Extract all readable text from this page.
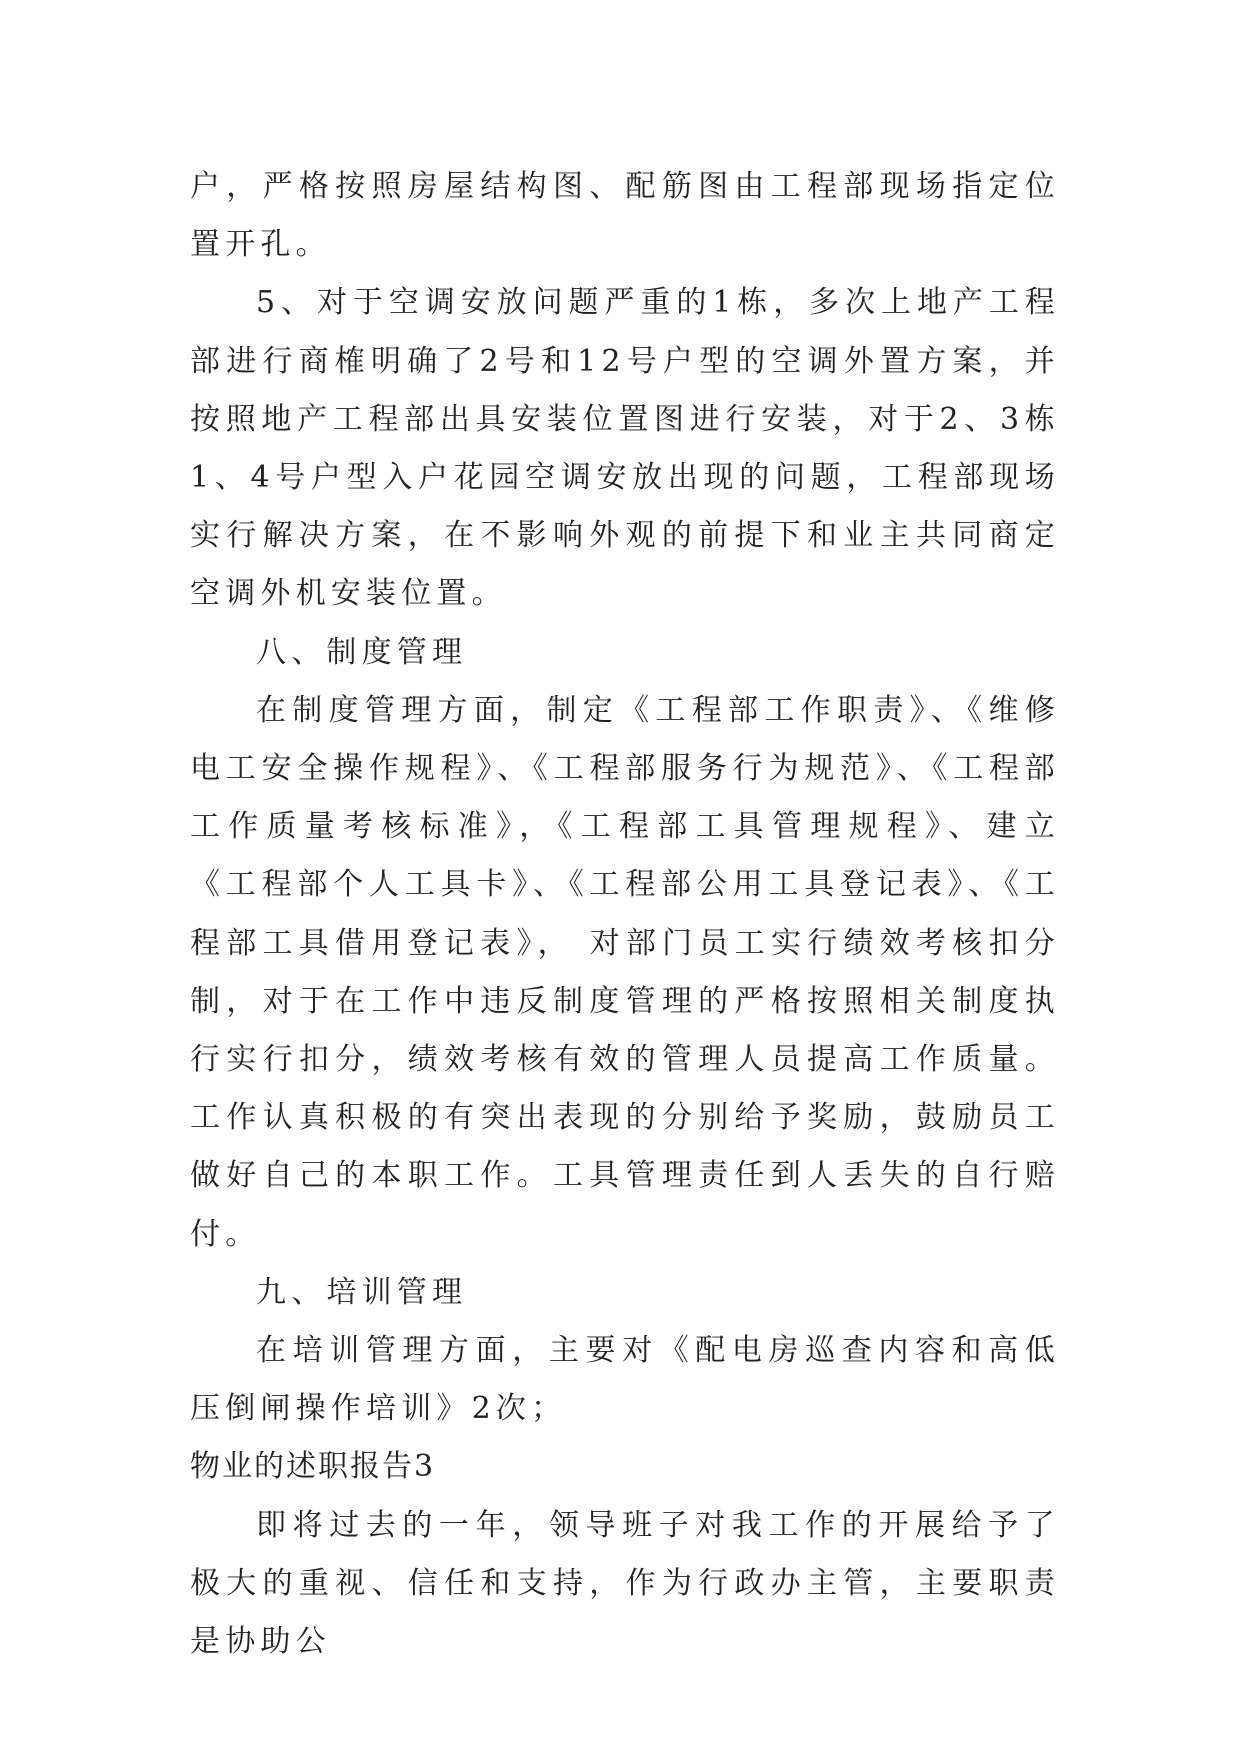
户，严格按照房屋结构图、配筋图由工程部现场指定位置开孔。

5、对于空调安放问题严重的1栋，多次上地产工程部进行商榷明确了2号和12号户型的空调外置方案，并按照地产工程部出具安装位置图进行安装，对于2、3栋1、4号户型入户花园空调安放出现的问题，工程部现场实行解决方案，在不影响外观的前提下和业主共同商定空调外机安装位置。

八、制度管理

在制度管理方面，制定《工程部工作职责》、《维修电工安全操作规程》、《工程部服务行为规范》、《工程部工作质量考核标准》，《工程部工具管理规程》、建立《工程部个人工具卡》、《工程部公用工具登记表》、《工程部工具借用登记表》， 对部门员工实行绩效考核扣分制，对于在工作中违反制度管理的严格按照相关制度执行实行扣分，绩效考核有效的管理人员提高工作质量。工作认真积极的有突出表现的分别给予奖励，鼓励员工做好自己的本职工作。工具管理责任到人丢失的自行赔付。

九、培训管理

在培训管理方面，主要对《配电房巡查内容和高低压倒闸操作培训》2次；

物业的述职报告3

即将过去的一年，领导班子对我工作的开展给予了极大的重视、信任和支持，作为行政办主管，主要职责是协助公
